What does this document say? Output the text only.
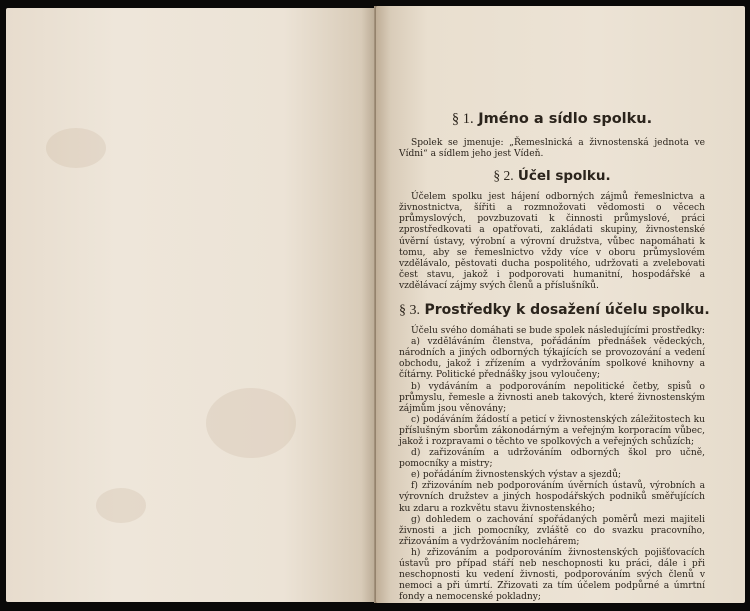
§ 1. Jméno a sídlo spolku.

Spolek se jmenuje: „Řemeslnická a živnostenská jednota ve Vídni“ a sídlem jeho jest Vídeň.

§ 2. Účel spolku.

Účelem spolku jest hájení odborných zájmů řemeslnictva a živnostnictva, šířiti a rozmnožovati vědomosti o věcech průmyslových, povzbuzovati k činnosti průmyslové, práci zprostředkovati a opatřovati, zakládati skupiny, živnostenské úvěrní ústavy, výrobní a výrovní družstva, vůbec napomáhati k tomu, aby se řemeslnictvo vždy více v oboru průmyslovém vzdělávalo, pěstovati ducha pospolitého, udržovati a zvelebovati čest stavu, jakož i podporovati humanitní, hospodářské a vzdělávací zájmy svých členů a příslušníků.

§ 3. Prostředky k dosažení účelu spolku.

Účelu svého domáhati se bude spolek následujícími prostředky:

a) vzděláváním členstva, pořádáním přednášek vědeckých, národních a jiných odborných týkajících se provozování a vedení obchodu, jakož i zřízením a vydržováním spolkové knihovny a čítárny. Politické přednášky jsou vyloučeny;

b) vydáváním a podporováním nepolitické četby, spisů o průmyslu, řemesle a živnosti aneb takových, které živnostenským zájmům jsou věnovány;

c) podáváním žádostí a peticí v živnostenských záležitostech ku příslušným sborům zákonodárným a veřejným korporacím vůbec, jakož i rozpravami o těchto ve spolkových a veřejných schůzích;

d) zařizováním a udržováním odborných škol pro učně, pomocníky a mistry;

e) pořádáním živnostenských výstav a sjezdů;

f) zřizováním neb podporováním úvěrních ústavů, výrobních a výrovních družstev a jiných hospodářských podniků směřujících ku zdaru a rozkvětu stavu živnostenského;

g) dohledem o zachování spořádaných poměrů mezi majiteli živnosti a jich pomocníky, zvláště co do svazku pracovního, zřizováním a vydržováním noclehárem;

h) zřizováním a podporováním živnostenských pojišťovacích ústavů pro případ stáří neb neschopnosti ku práci, dále i při neschopnosti ku vedení živnosti, podporováním svých členů v nemoci a při úmrtí. Zřizovati za tím účelem podpůrné a úmrtní fondy a nemocenské pokladny;
